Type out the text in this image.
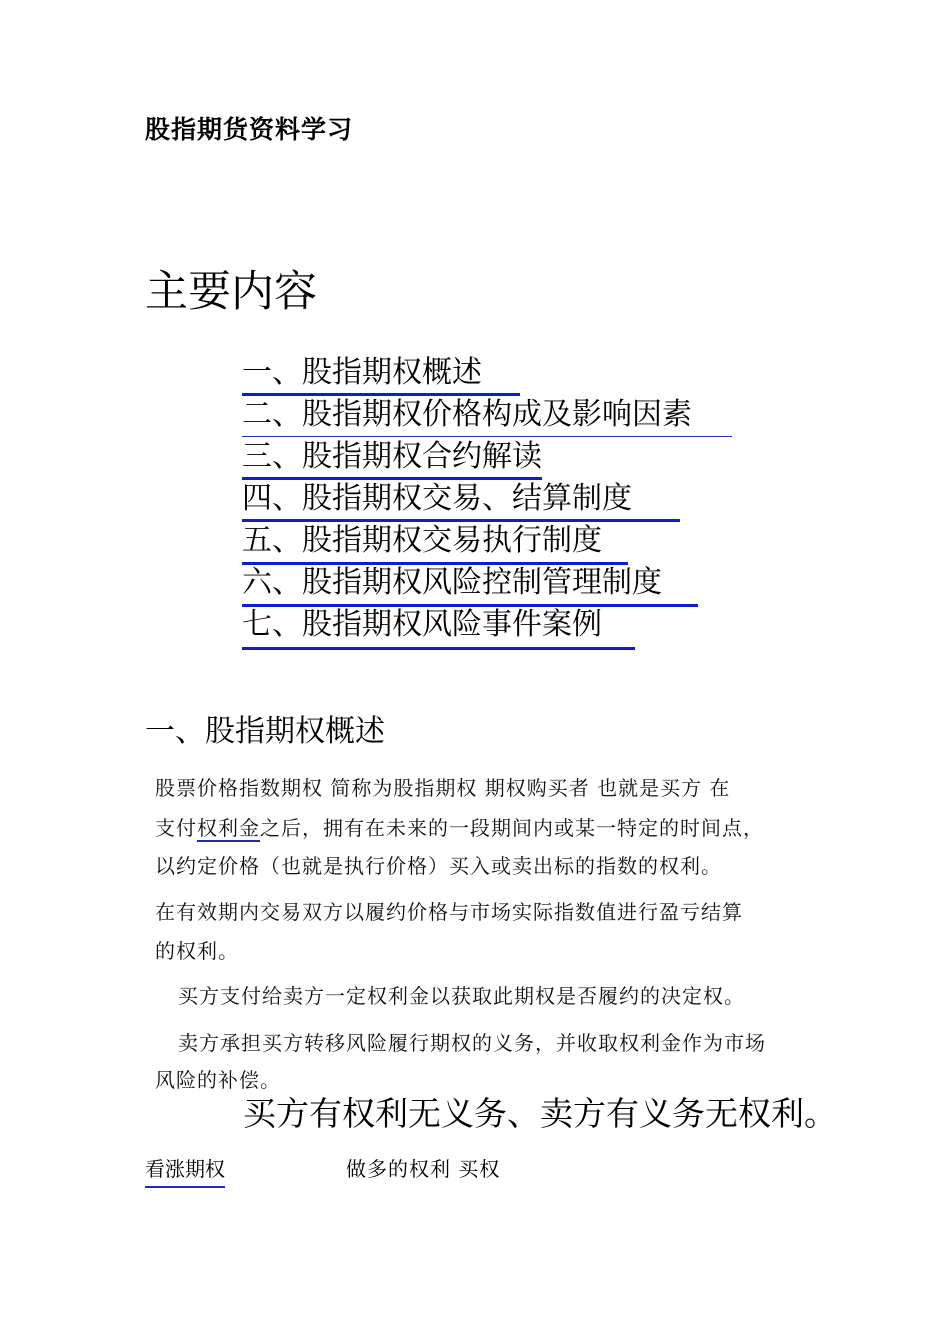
股指期货资料学习
主要内容
一、股指期权概述
二、股指期权价格构成及影响因素
三、股指期权合约解读
四、股指期权交易、结算制度
五、股指期权交易执行制度
六、股指期权风险控制管理制度
七、股指期权风险事件案例
一、股指期权概述
股票价格指数期权 简称为股指期权 期权购买者 也就是买方 在
支付权利金之后，拥有在未来的一段期间内或某一特定的时间点，
以约定价格（也就是执行价格）买入或卖出标的指数的权利。
在有效期内交易双方以履约价格与市场实际指数值进行盈亏结算
的权利。
买方支付给卖方一定权利金以获取此期权是否履约的决定权。
卖方承担买方转移风险履行期权的义务，并收取权利金作为市场
风险的补偿。
买方有权利无义务、卖方有义务无权利。
看涨期权	做多的权利 买权
